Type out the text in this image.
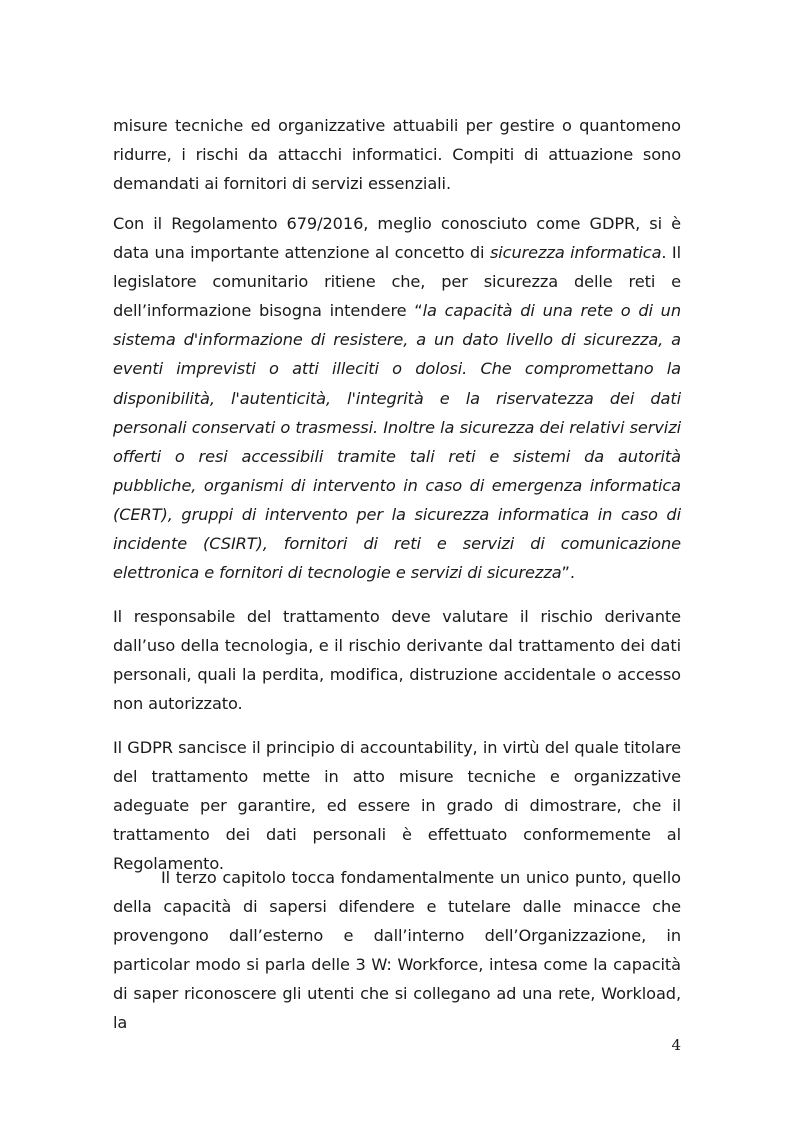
misure tecniche ed organizzative attuabili per gestire o quantomeno ridurre, i rischi da attacchi informatici. Compiti di attuazione sono demandati ai fornitori di servizi essenziali.

Con il Regolamento 679/2016, meglio conosciuto come GDPR, si è data una importante attenzione al concetto di sicurezza informatica. Il legislatore comunitario ritiene che, per sicurezza delle reti e dell’informazione bisogna intendere “la capacità di una rete o di un sistema d'informazione di resistere, a un dato livello di sicurezza, a eventi imprevisti o atti illeciti o dolosi. Che compromettano la disponibilità, l'autenticità, l'integrità e la riservatezza dei dati personali conservati o trasmessi. Inoltre la sicurezza dei relativi servizi offerti o resi accessibili tramite tali reti e sistemi da autorità pubbliche, organismi di intervento in caso di emergenza informatica (CERT), gruppi di intervento per la sicurezza informatica in caso di incidente (CSIRT), fornitori di reti e servizi di comunicazione elettronica e fornitori di tecnologie e servizi di sicurezza”.

Il responsabile del trattamento deve valutare il rischio derivante dall’uso della tecnologia, e il rischio derivante dal trattamento dei dati personali, quali la perdita, modifica, distruzione accidentale o accesso non autorizzato.

Il GDPR sancisce il principio di accountability, in virtù del quale titolare del trattamento mette in atto misure tecniche e organizzative adeguate per garantire, ed essere in grado di dimostrare, che il trattamento dei dati personali è effettuato conformemente al Regolamento.

Il terzo capitolo tocca fondamentalmente un unico punto, quello della capacità di sapersi difendere e tutelare dalle minacce che provengono dall’esterno e dall’interno dell’Organizzazione, in particolar modo si parla delle 3 W: Workforce, intesa come la capacità di saper riconoscere gli utenti che si collegano ad una rete, Workload, la

4
